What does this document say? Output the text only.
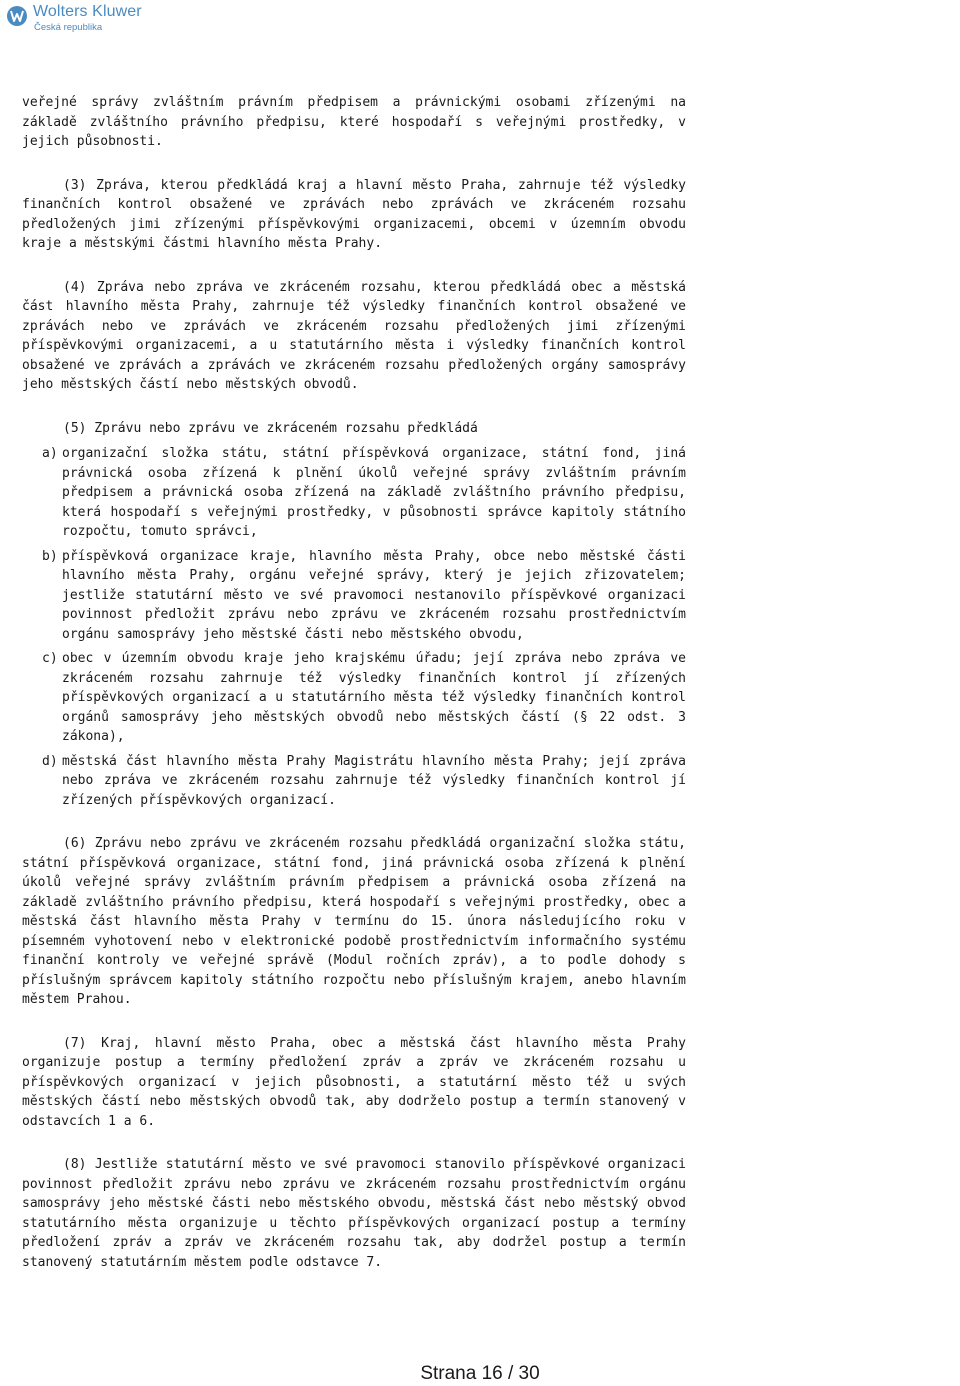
Wolters Kluwer
Česká republika

veřejné správy zvláštním právním předpisem a právnickými osobami zřízenými na základě zvláštního právního předpisu, které hospodaří s veřejnými prostředky, v jejich působnosti.

(3) Zpráva, kterou předkládá kraj a hlavní město Praha, zahrnuje též výsledky finančních kontrol obsažené ve zprávách nebo zprávách ve zkráceném rozsahu předložených jimi zřízenými příspěvkovými organizacemi, obcemi v územním obvodu kraje a městskými částmi hlavního města Prahy.

(4) Zpráva nebo zpráva ve zkráceném rozsahu, kterou předkládá obec a městská část hlavního města Prahy, zahrnuje též výsledky finančních kontrol obsažené ve zprávách nebo ve zprávách ve zkráceném rozsahu předložených jimi zřízenými příspěvkovými organizacemi, a u statutárního města i výsledky finančních kontrol obsažené ve zprávách a zprávách ve zkráceném rozsahu předložených orgány samosprávy jeho městských částí nebo městských obvodů.

(5) Zprávu nebo zprávu ve zkráceném rozsahu předkládá

a) organizační složka státu, státní příspěvková organizace, státní fond, jiná právnická osoba zřízená k plnění úkolů veřejné správy zvláštním právním předpisem a právnická osoba zřízená na základě zvláštního právního předpisu, která hospodaří s veřejnými prostředky, v působnosti správce kapitoly státního rozpočtu, tomuto správci,
b) příspěvková organizace kraje, hlavního města Prahy, obce nebo městské části hlavního města Prahy, orgánu veřejné správy, který je jejich zřizovatelem; jestliže statutární město ve své pravomoci nestanovilo příspěvkové organizaci povinnost předložit zprávu nebo zprávu ve zkráceném rozsahu prostřednictvím orgánu samosprávy jeho městské části nebo městského obvodu,
c) obec v územním obvodu kraje jeho krajskému úřadu; její zpráva nebo zpráva ve zkráceném rozsahu zahrnuje též výsledky finančních kontrol jí zřízených příspěvkových organizací a u statutárního města též výsledky finančních kontrol orgánů samosprávy jeho městských obvodů nebo městských částí (§ 22 odst. 3 zákona),
d) městská část hlavního města Prahy Magistrátu hlavního města Prahy; její zpráva nebo zpráva ve zkráceném rozsahu zahrnuje též výsledky finančních kontrol jí zřízených příspěvkových organizací.

(6) Zprávu nebo zprávu ve zkráceném rozsahu předkládá organizační složka státu, státní příspěvková organizace, státní fond, jiná právnická osoba zřízená k plnění úkolů veřejné správy zvláštním právním předpisem a právnická osoba zřízená na základě zvláštního právního předpisu, která hospodaří s veřejnými prostředky, obec a městská část hlavního města Prahy v termínu do 15. února následujícího roku v písemném vyhotovení nebo v elektronické podobě prostřednictvím informačního systému finanční kontroly ve veřejné správě (Modul ročních zpráv), a to podle dohody s příslušným správcem kapitoly státního rozpočtu nebo příslušným krajem, anebo hlavním městem Prahou.

(7) Kraj, hlavní město Praha, obec a městská část hlavního města Prahy organizuje postup a termíny předložení zpráv a zpráv ve zkráceném rozsahu u příspěvkových organizací v jejich působnosti, a statutární město též u svých městských částí nebo městských obvodů tak, aby dodrželo postup a termín stanovený v odstavcích 1 a 6.

(8) Jestliže statutární město ve své pravomoci stanovilo příspěvkové organizaci povinnost předložit zprávu nebo zprávu ve zkráceném rozsahu prostřednictvím orgánu samosprávy jeho městské části nebo městského obvodu, městská část nebo městský obvod statutárního města organizuje u těchto příspěvkových organizací postup a termíny předložení zpráv a zpráv ve zkráceném rozsahu tak, aby dodržel postup a termín stanovený statutárním městem podle odstavce 7.

Strana 16 / 30
